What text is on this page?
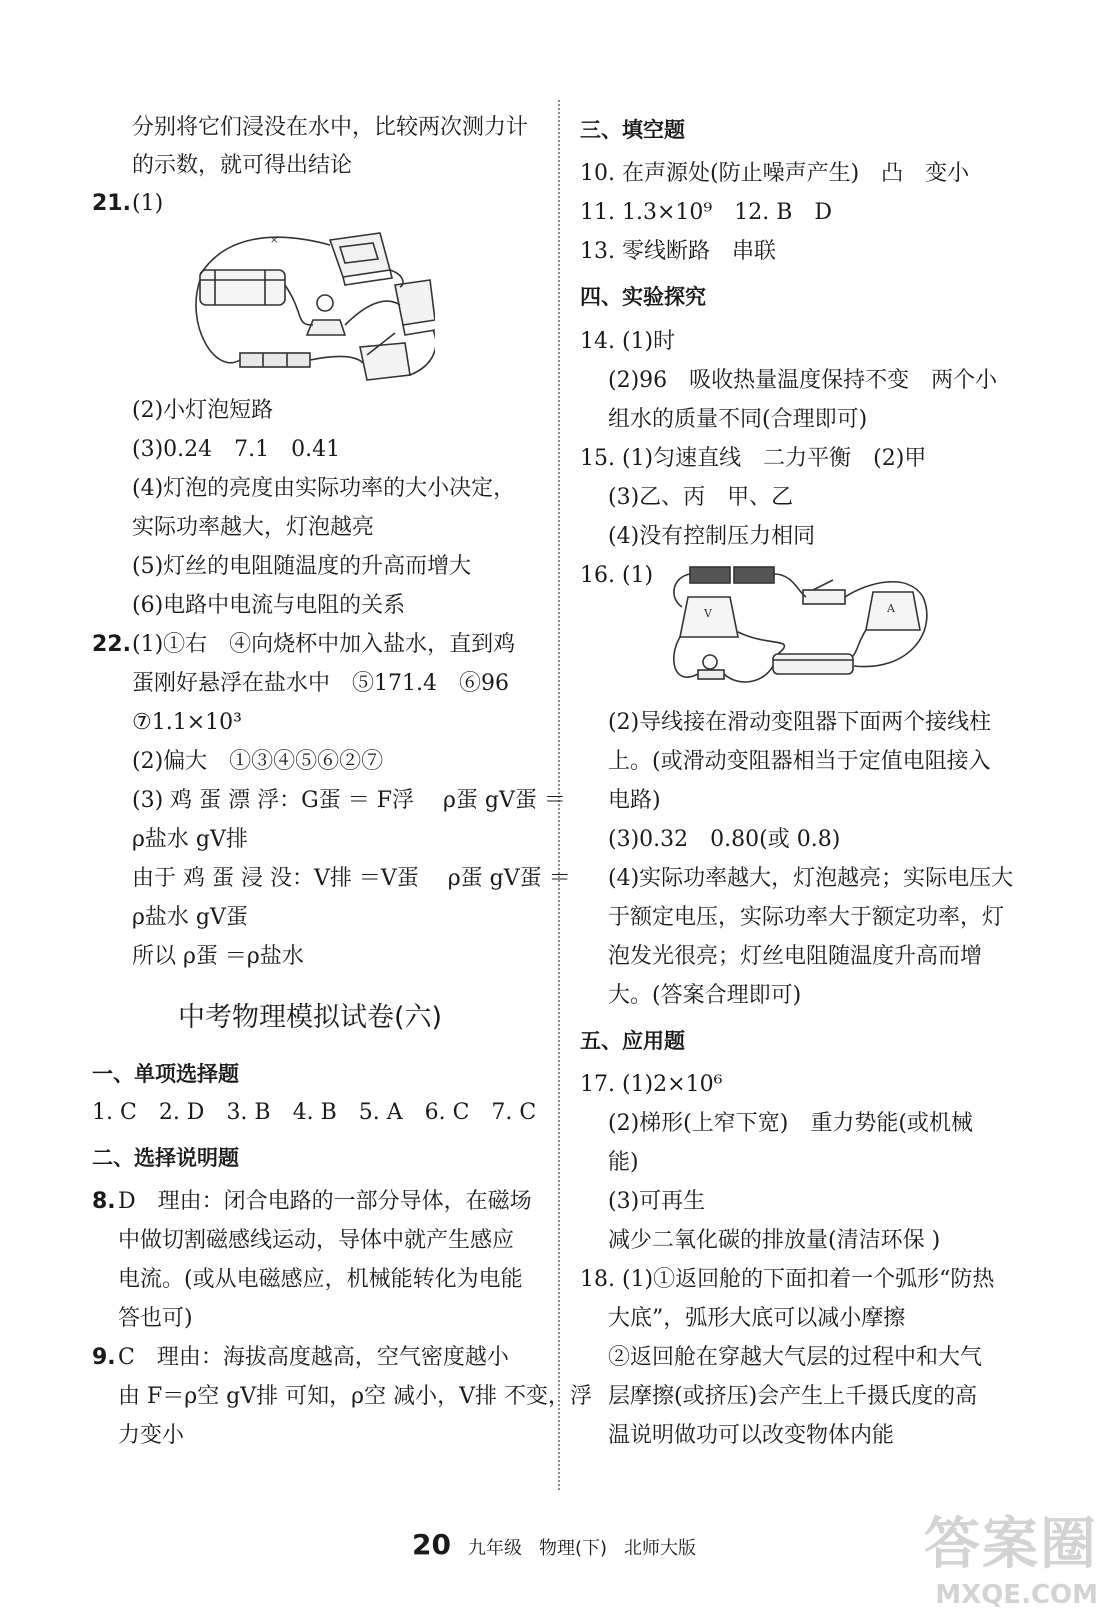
分别将它们浸没在水中，比较两次测力计
的示数，就可得出结论
21. (1)
×
(2)小灯泡短路
(3)0.24　7.1　0.41
(4)灯泡的亮度由实际功率的大小决定，
实际功率越大，灯泡越亮
(5)灯丝的电阻随温度的升高而增大
(6)电路中电流与电阻的关系
22. (1)①右　④向烧杯中加入盐水，直到鸡
蛋刚好悬浮在盐水中　⑤171.4　⑥96
⑦1.1×10³
(2)偏大　①③④⑤⑥②⑦
(3) 鸡 蛋 漂 浮：G蛋 ＝ F浮　 ρ蛋 gV蛋 ＝
ρ盐水 gV排
由于 鸡 蛋 浸 没：V排 ＝V蛋　 ρ蛋 gV蛋 ＝
ρ盐水 gV蛋
所以 ρ蛋 ＝ρ盐水
中考物理模拟试卷(六)
一、单项选择题
1. C　2. D　3. B　4. B　5. A　6. C　7. C
二、选择说明题
8. D　理由：闭合电路的一部分导体，在磁场
中做切割磁感线运动，导体中就产生感应
电流。(或从电磁感应，机械能转化为电能
答也可)
9. C　理由：海拔高度越高，空气密度越小
由 F＝ρ空 gV排 可知，ρ空 减小，V排 不变，浮
力变小
三、填空题
10. 在声源处(防止噪声产生)　凸　变小
11. 1.3×10⁹　12. B　D
13. 零线断路　串联
四、实验探究
14. (1)时
(2)96　吸收热量温度保持不变　两个小
组水的质量不同(合理即可)
15. (1)匀速直线　二力平衡　(2)甲
(3)乙、丙　甲、乙
(4)没有控制压力相同
16. (1)
V	A
(2)导线接在滑动变阻器下面两个接线柱
上。(或滑动变阻器相当于定值电阻接入
电路)
(3)0.32　0.80(或 0.8)
(4)实际功率越大，灯泡越亮；实际电压大
于额定电压，实际功率大于额定功率，灯
泡发光很亮；灯丝电阻随温度升高而增
大。(答案合理即可)
五、应用题
17. (1)2×10⁶
(2)梯形(上窄下宽)　重力势能(或机械
能)
(3)可再生
减少二氧化碳的排放量(清洁环保 )
18. (1)①返回舱的下面扣着一个弧形“防热
大底”，弧形大底可以减小摩擦
②返回舱在穿越大气层的过程中和大气
层摩擦(或挤压)会产生上千摄氏度的高
温说明做功可以改变物体内能
20 九年级 物理(下) 北师大版	答案圈
MXQE.COM
